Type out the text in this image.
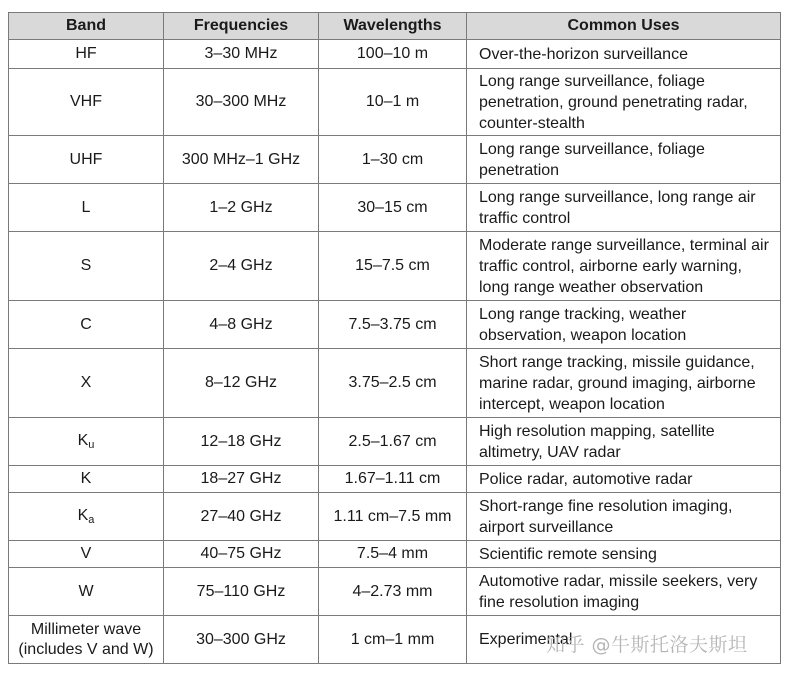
Band	Frequencies	Wavelengths	Common Uses
HF	3–30 MHz	100–10 m	Over-the-horizon surveillance
VHF	30–300 MHz	10–1 m	Long range surveillance, foliage penetration, ground penetrating radar, counter-stealth
UHF	300 MHz–1 GHz	1–30 cm	Long range surveillance, foliage penetration
L	1–2 GHz	30–15 cm	Long range surveillance, long range air traffic control
S	2–4 GHz	15–7.5 cm	Moderate range surveillance, terminal air traffic control, airborne early warning, long range weather observation
C	4–8 GHz	7.5–3.75 cm	Long range tracking, weather observation, weapon location
X	8–12 GHz	3.75–2.5 cm	Short range tracking, missile guidance, marine radar, ground imaging, airborne intercept, weapon location
$K_u$	12–18 GHz	2.5–1.67 cm	High resolution mapping, satellite altimetry, UAV radar
K	18–27 GHz	1.67–1.11 cm	Police radar, automotive radar
$K_a$	27–40 GHz	1.11 cm–7.5 mm	Short-range fine resolution imaging, airport surveillance
V	40–75 GHz	7.5–4 mm	Scientific remote sensing
W	75–110 GHz	4–2.73 mm	Automotive radar, missile seekers, very fine resolution imaging
Millimeter wave (includes V and W)	30–300 GHz	1 cm–1 mm	Experimental
知乎 @牛斯托洛夫斯坦
